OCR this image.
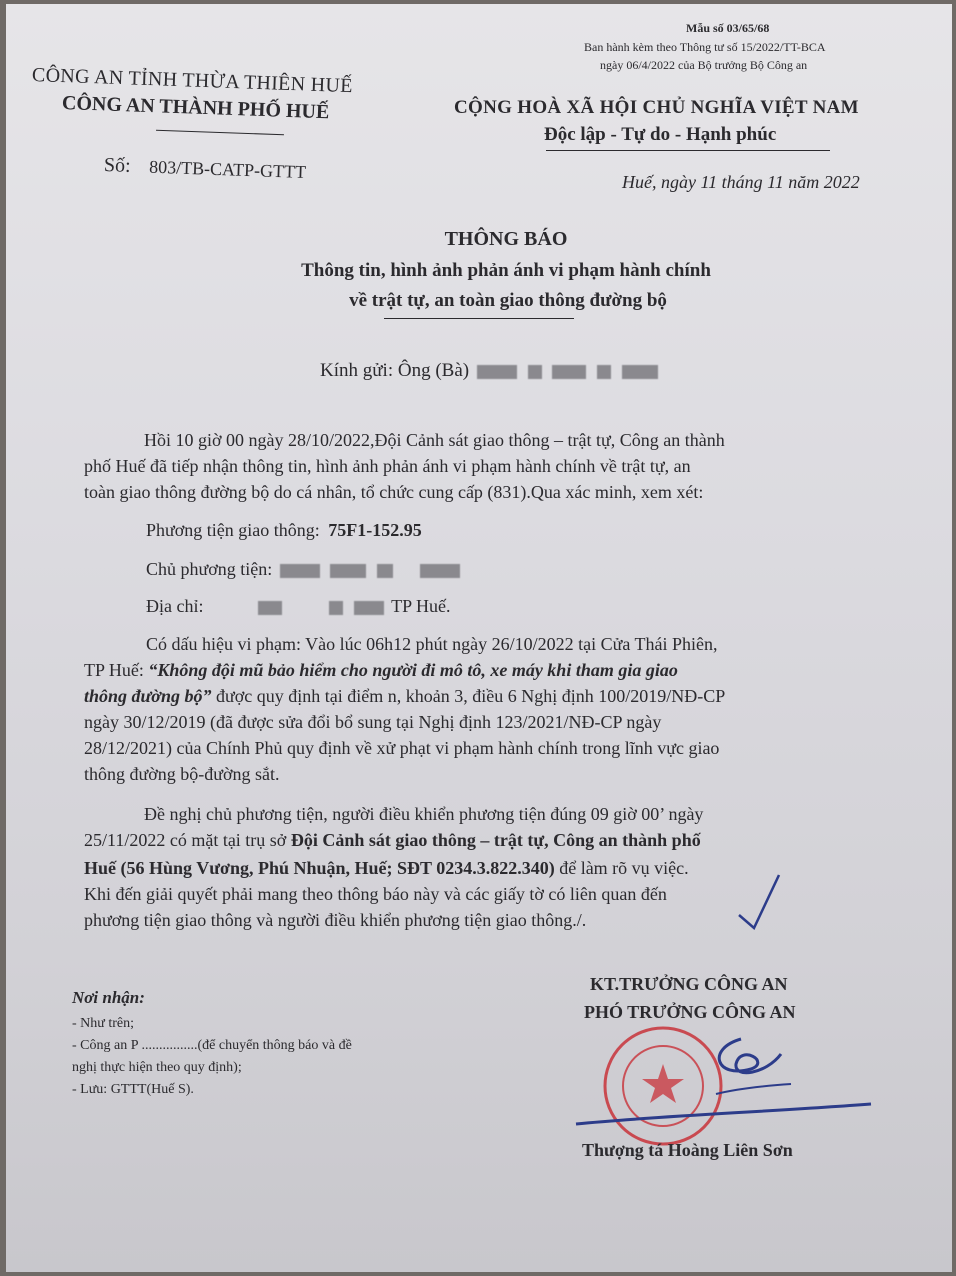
Mẫu số 03/65/68
Ban hành kèm theo Thông tư số 15/2022/TT-BCA
ngày 06/4/2022 của Bộ trưởng Bộ Công an
CÔNG AN TỈNH THỪA THIÊN HUẾ
CÔNG AN THÀNH PHỐ HUẾ
Số: 803/TB-CATP-GTTT
CỘNG HOÀ XÃ HỘI CHỦ NGHĨA VIỆT NAM
Độc lập - Tự do - Hạnh phúc
Huế, ngày 11 tháng 11 năm 2022
THÔNG BÁO
Thông tin, hình ảnh phản ánh vi phạm hành chính
về trật tự, an toàn giao thông đường bộ
Kính gửi: Ông (Bà)
Hồi 10 giờ 00 ngày 28/10/2022,Đội Cảnh sát giao thông – trật tự, Công an thành
phố Huế đã tiếp nhận thông tin, hình ảnh phản ánh vi phạm hành chính về trật tự, an
toàn giao thông đường bộ do cá nhân, tổ chức cung cấp (831).Qua xác minh, xem xét:
Phương tiện giao thông: 75F1-152.95
Chủ phương tiện:
Địa chỉ:	TP Huế.
Có dấu hiệu vi phạm: Vào lúc 06h12 phút ngày 26/10/2022 tại Cửa Thái Phiên,
TP Huế: “Không đội mũ bảo hiểm cho người đi mô tô, xe máy khi tham gia giao
thông đường bộ” được quy định tại điểm n, khoản 3, điều 6 Nghị định 100/2019/NĐ-CP
ngày 30/12/2019 (đã được sửa đổi bổ sung tại Nghị định 123/2021/NĐ-CP ngày
28/12/2021) của Chính Phủ quy định về xử phạt vi phạm hành chính trong lĩnh vực giao
thông đường bộ-đường sắt.
Đề nghị chủ phương tiện, người điều khiển phương tiện đúng 09 giờ 00’ ngày
25/11/2022 có mặt tại trụ sở Đội Cảnh sát giao thông – trật tự, Công an thành phố
Huế (56 Hùng Vương, Phú Nhuận, Huế; SĐT 0234.3.822.340) để làm rõ vụ việc.
Khi đến giải quyết phải mang theo thông báo này và các giấy tờ có liên quan đến
phương tiện giao thông và người điều khiển phương tiện giao thông./.
Nơi nhận:
- Như trên;
- Công an P ................(để chuyển thông báo và đề
nghị thực hiện theo quy định);
- Lưu: GTTT(Huế S).
KT.TRƯỞNG CÔNG AN
PHÓ TRƯỞNG CÔNG AN
Thượng tá Hoàng Liên Sơn
